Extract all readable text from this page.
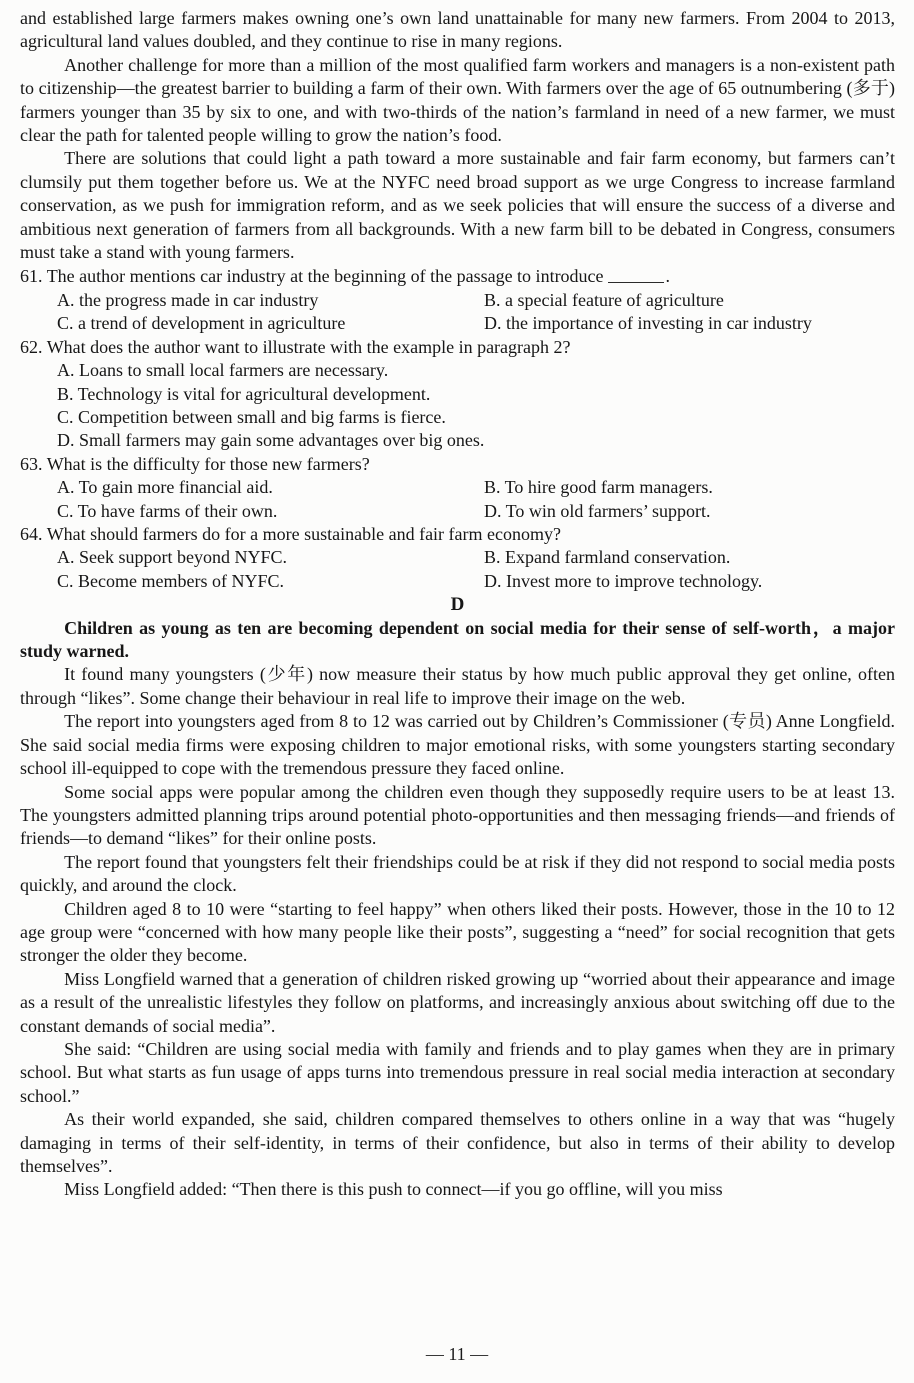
and established large farmers makes owning one’s own land unattainable for many new farmers. From 2004 to 2013, agricultural land values doubled, and they continue to rise in many regions.

Another challenge for more than a million of the most qualified farm workers and managers is a non-existent path to citizenship—the greatest barrier to building a farm of their own. With farmers over the age of 65 outnumbering (多于) farmers younger than 35 by six to one, and with two-thirds of the nation’s farmland in need of a new farmer, we must clear the path for talented people willing to grow the nation’s food.

There are solutions that could light a path toward a more sustainable and fair farm economy, but farmers can’t clumsily put them together before us. We at the NYFC need broad support as we urge Congress to increase farmland conservation, as we push for immigration reform, and as we seek policies that will ensure the success of a diverse and ambitious next generation of farmers from all backgrounds. With a new farm bill to be debated in Congress, consumers must take a stand with young farmers.

61. The author mentions car industry at the beginning of the passage to introduce	.
A. the progress made in car industry	B. a special feature of agriculture
C. a trend of development in agriculture	D. the importance of investing in car industry
62. What does the author want to illustrate with the example in paragraph 2?
A. Loans to small local farmers are necessary.
B. Technology is vital for agricultural development.
C. Competition between small and big farms is fierce.
D. Small farmers may gain some advantages over big ones.
63. What is the difficulty for those new farmers?
A. To gain more financial aid.	B. To hire good farm managers.
C. To have farms of their own.	D. To win old farmers’ support.
64. What should farmers do for a more sustainable and fair farm economy?
A. Seek support beyond NYFC.	B. Expand farmland conservation.
C. Become members of NYFC.	D. Invest more to improve technology.
D

Children as young as ten are becoming dependent on social media for their sense of self-worth，a major study warned.

It found many youngsters (少年) now measure their status by how much public approval they get online, often through “likes”. Some change their behaviour in real life to improve their image on the web.

The report into youngsters aged from 8 to 12 was carried out by Children’s Commissioner (专员) Anne Longfield. She said social media firms were exposing children to major emotional risks, with some youngsters starting secondary school ill-equipped to cope with the tremendous pressure they faced online.

Some social apps were popular among the children even though they supposedly require users to be at least 13. The youngsters admitted planning trips around potential photo-opportunities and then messaging friends—and friends of friends—to demand “likes” for their online posts.

The report found that youngsters felt their friendships could be at risk if they did not respond to social media posts quickly, and around the clock.

Children aged 8 to 10 were “starting to feel happy” when others liked their posts. However, those in the 10 to 12 age group were “concerned with how many people like their posts”, suggesting a “need” for social recognition that gets stronger the older they become.

Miss Longfield warned that a generation of children risked growing up “worried about their appearance and image as a result of the unrealistic lifestyles they follow on platforms, and increasingly anxious about switching off due to the constant demands of social media”.

She said: “Children are using social media with family and friends and to play games when they are in primary school. But what starts as fun usage of apps turns into tremendous pressure in real social media interaction at secondary school.”

As their world expanded, she said, children compared themselves to others online in a way that was “hugely damaging in terms of their self-identity, in terms of their confidence, but also in terms of their ability to develop themselves”.

Miss Longfield added: “Then there is this push to connect—if you go offline, will you miss

— 11 —
